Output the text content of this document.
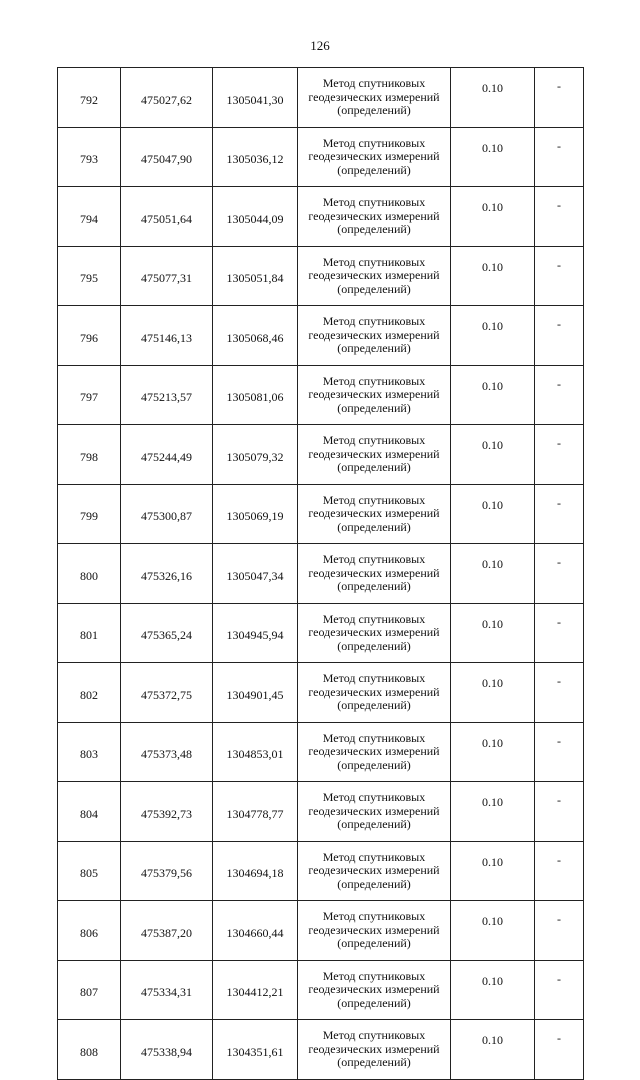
126
792	475027,62	1305041,30	Метод спутниковых
геодезических измерений
(определений)	0.10	-
793	475047,90	1305036,12	Метод спутниковых
геодезических измерений
(определений)	0.10	-
794	475051,64	1305044,09	Метод спутниковых
геодезических измерений
(определений)	0.10	-
795	475077,31	1305051,84	Метод спутниковых
геодезических измерений
(определений)	0.10	-
796	475146,13	1305068,46	Метод спутниковых
геодезических измерений
(определений)	0.10	-
797	475213,57	1305081,06	Метод спутниковых
геодезических измерений
(определений)	0.10	-
798	475244,49	1305079,32	Метод спутниковых
геодезических измерений
(определений)	0.10	-
799	475300,87	1305069,19	Метод спутниковых
геодезических измерений
(определений)	0.10	-
800	475326,16	1305047,34	Метод спутниковых
геодезических измерений
(определений)	0.10	-
801	475365,24	1304945,94	Метод спутниковых
геодезических измерений
(определений)	0.10	-
802	475372,75	1304901,45	Метод спутниковых
геодезических измерений
(определений)	0.10	-
803	475373,48	1304853,01	Метод спутниковых
геодезических измерений
(определений)	0.10	-
804	475392,73	1304778,77	Метод спутниковых
геодезических измерений
(определений)	0.10	-
805	475379,56	1304694,18	Метод спутниковых
геодезических измерений
(определений)	0.10	-
806	475387,20	1304660,44	Метод спутниковых
геодезических измерений
(определений)	0.10	-
807	475334,31	1304412,21	Метод спутниковых
геодезических измерений
(определений)	0.10	-
808	475338,94	1304351,61	Метод спутниковых
геодезических измерений
(определений)	0.10	-
